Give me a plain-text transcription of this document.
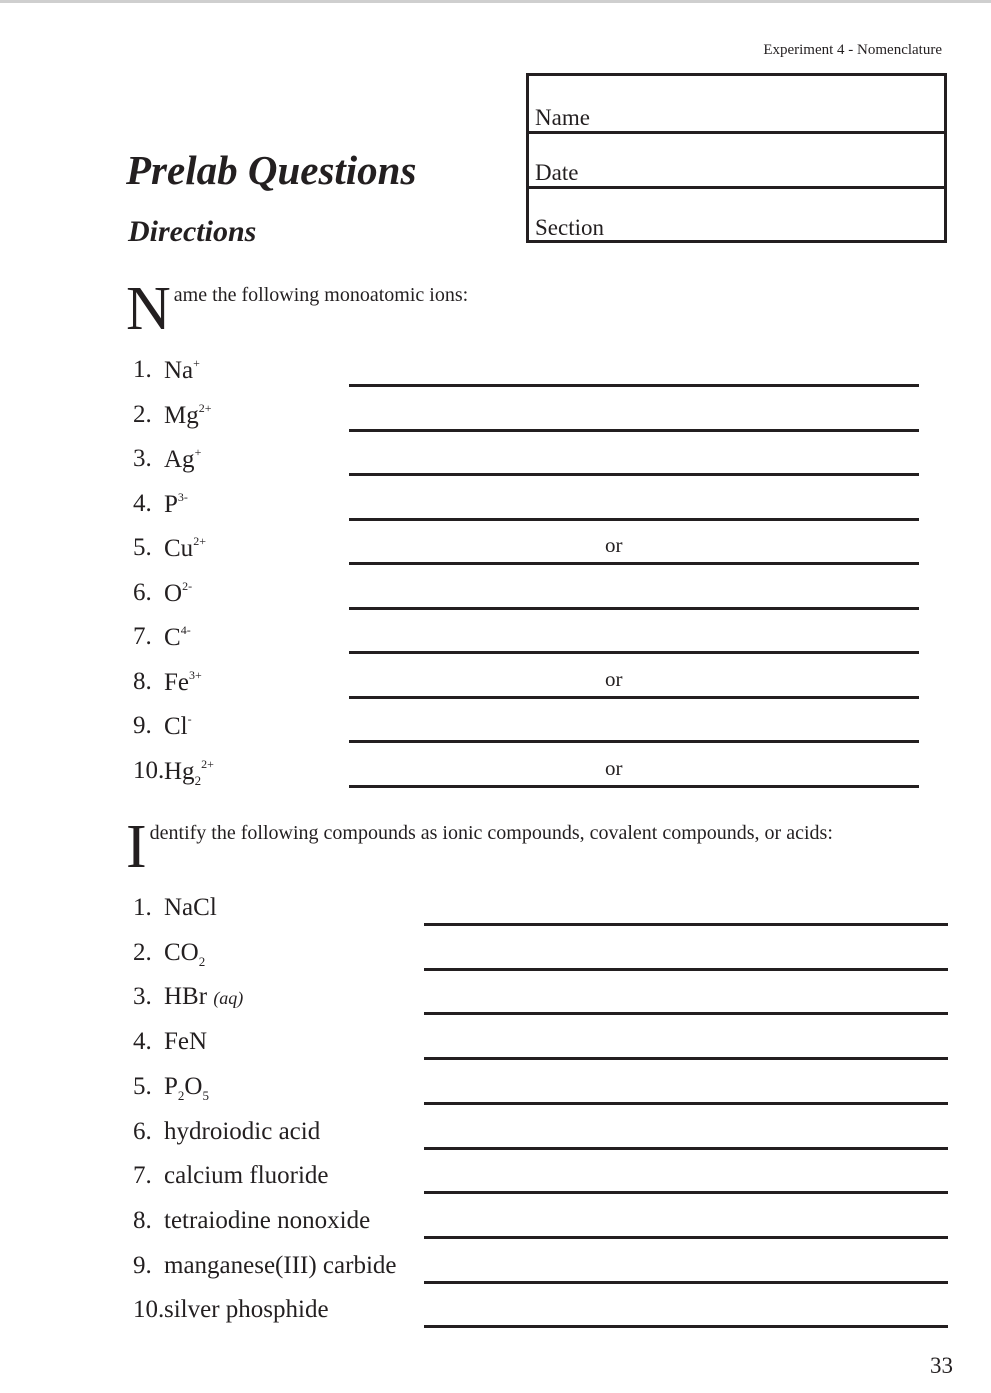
Experiment 4 - Nomenclature
Name
Date
Section
Prelab Questions
Directions
N ame the following monoatomic ions:
1. Na+
2. $Mg^{2+}$
3. Ag+
4. $P^{3-}$
5. $Cu^{2+}$	or
6. $O^{2-}$
7. $C^{4-}$
8. $Fe^{3+}$	or
9. Cl-
10. $Hg_2^{2+}$	or
I dentify the following compounds as ionic compounds, covalent compounds, or acids:
1. NaCl
2. $CO_2$
3. HBr (aq)
4. FeN
5. $P_2O_5$
6. hydroiodic acid
7. calcium fluoride
8. tetraiodine nonoxide
9. manganese(III) carbide
10. silver phosphide
33
